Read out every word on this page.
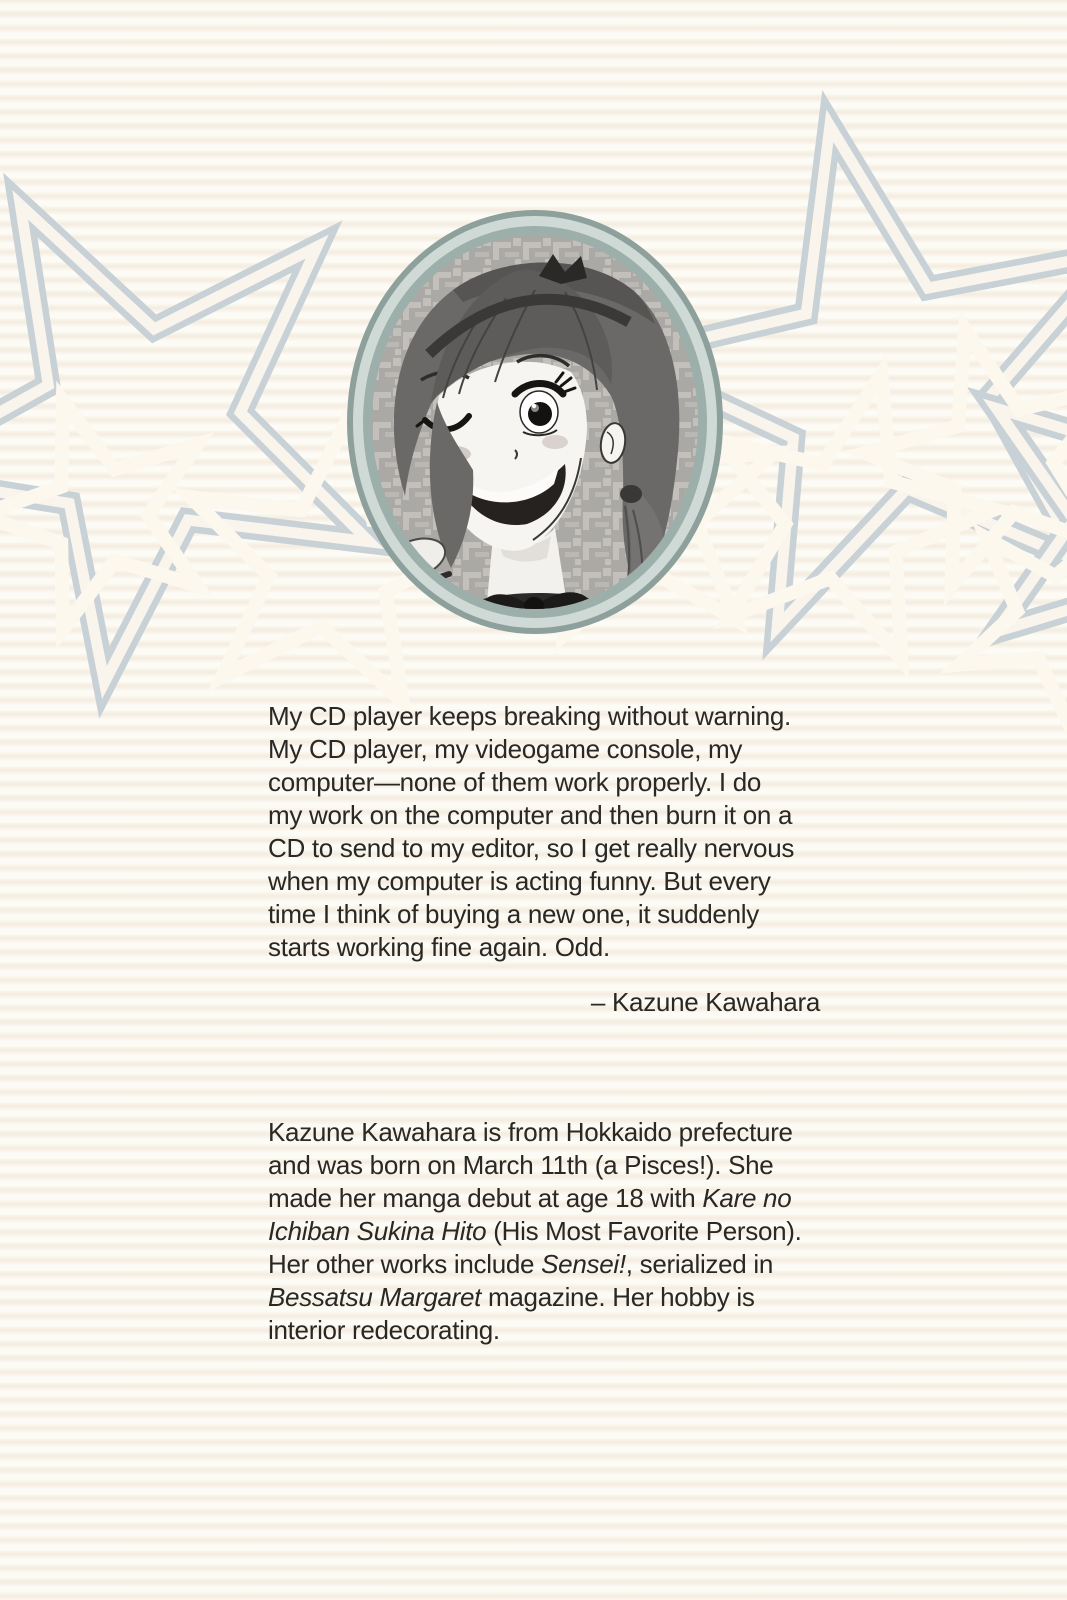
My CD player keeps breaking without warning.
My CD player, my videogame console, my
computer—none of them work properly. I do
my work on the computer and then burn it on a
CD to send to my editor, so I get really nervous
when my computer is acting funny. But every
time I think of buying a new one, it suddenly
starts working fine again. Odd.
– Kazune Kawahara
Kazune Kawahara is from Hokkaido prefecture
and was born on March 11th (a Pisces!). She
made her manga debut at age 18 with Kare no
Ichiban Sukina Hito (His Most Favorite Person).
Her other works include Sensei!, serialized in
Bessatsu Margaret magazine. Her hobby is
interior redecorating.
